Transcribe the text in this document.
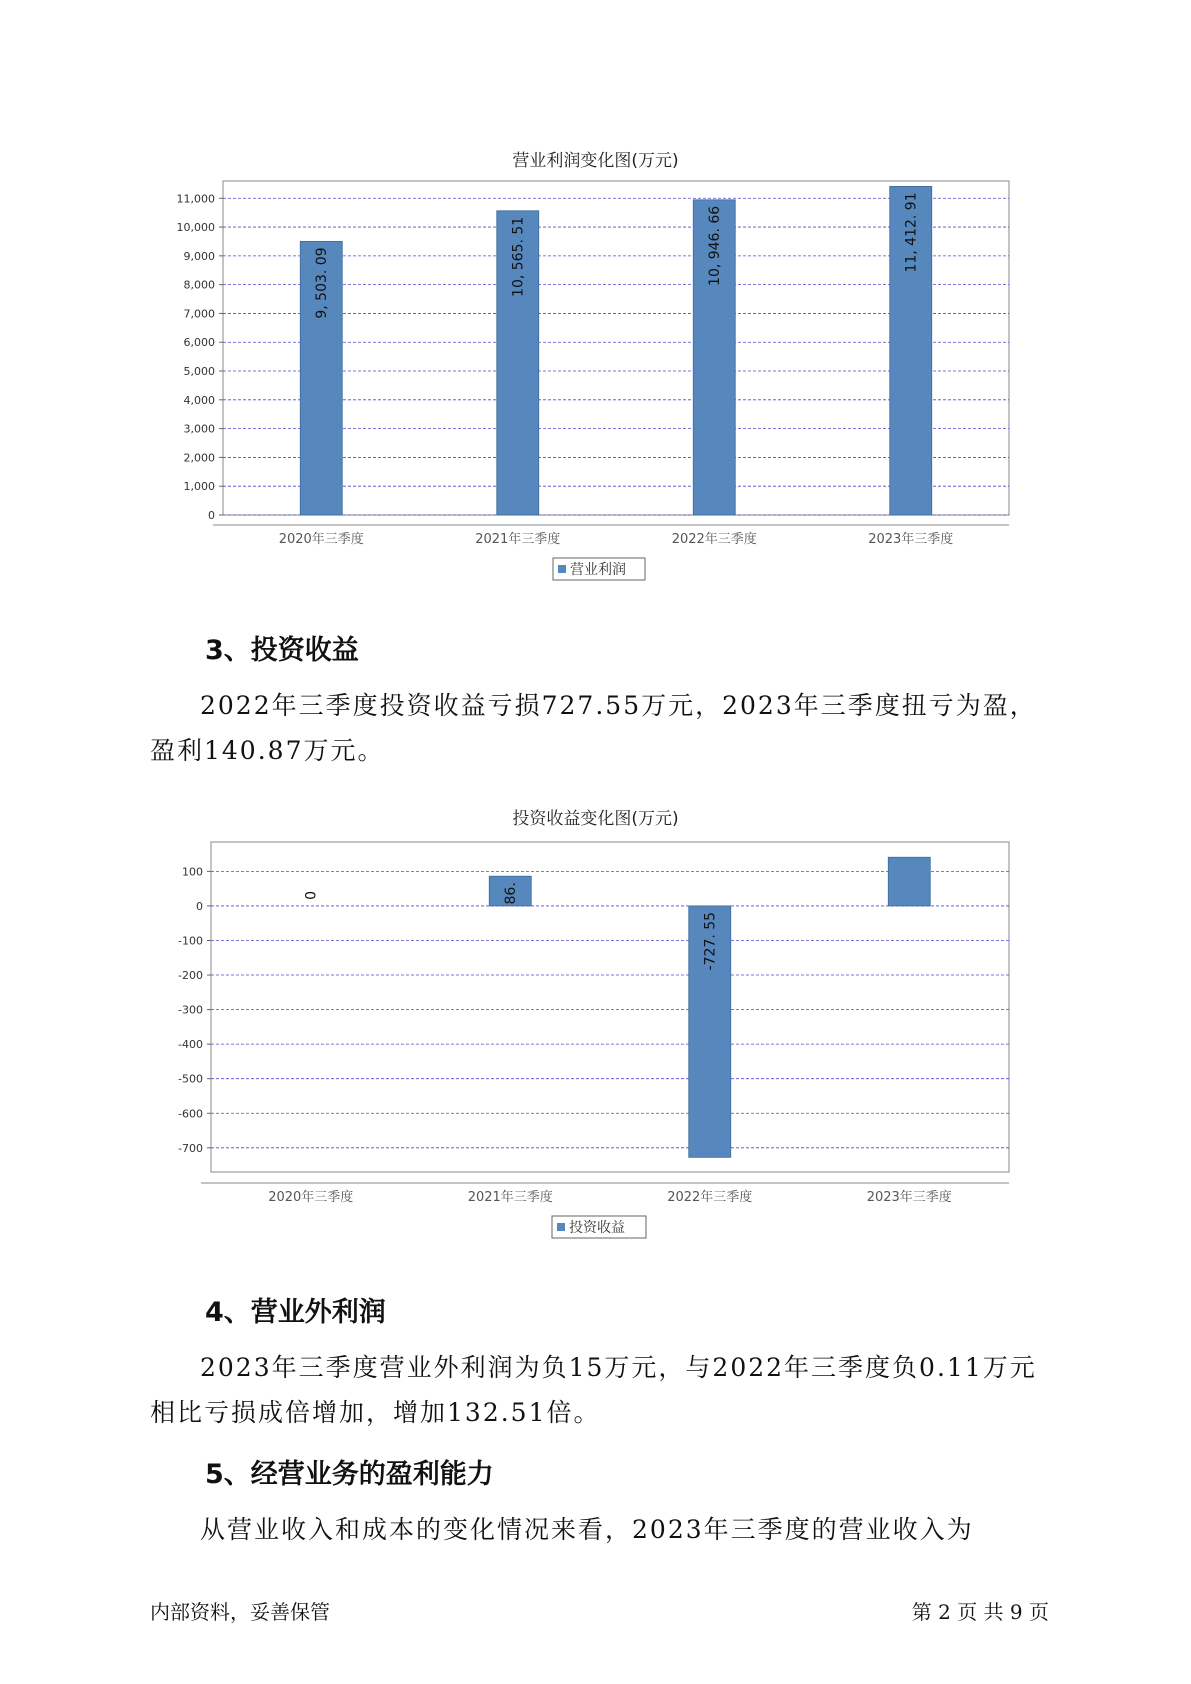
营业利润变化图(万元)
0
1,000
2,000
3,000
4,000
5,000
6,000
7,000
8,000
9,000
10,000
11,000
2020年三季度
9, 503. 09
2021年三季度
10, 565. 51
2022年三季度
10, 946. 66
2023年三季度
11, 412. 91
营业利润
3、投资收益
2022年三季度投资收益亏损727.55万元，2023年三季度扭亏为盈，盈利140.87万元。
投资收益变化图(万元)
100
0
-100
-200
-300
-400
-500
-600
-700
2020年三季度
0
2021年三季度
86.
2022年三季度
-727. 55
2023年三季度
投资收益
4、营业外利润
2023年三季度营业外利润为负15万元，与2022年三季度负0.11万元相比亏损成倍增加，增加132.51倍。
5、经营业务的盈利能力
从营业收入和成本的变化情况来看，2023年三季度的营业收入为
内部资料，妥善保管	第 2 页 共 9 页
